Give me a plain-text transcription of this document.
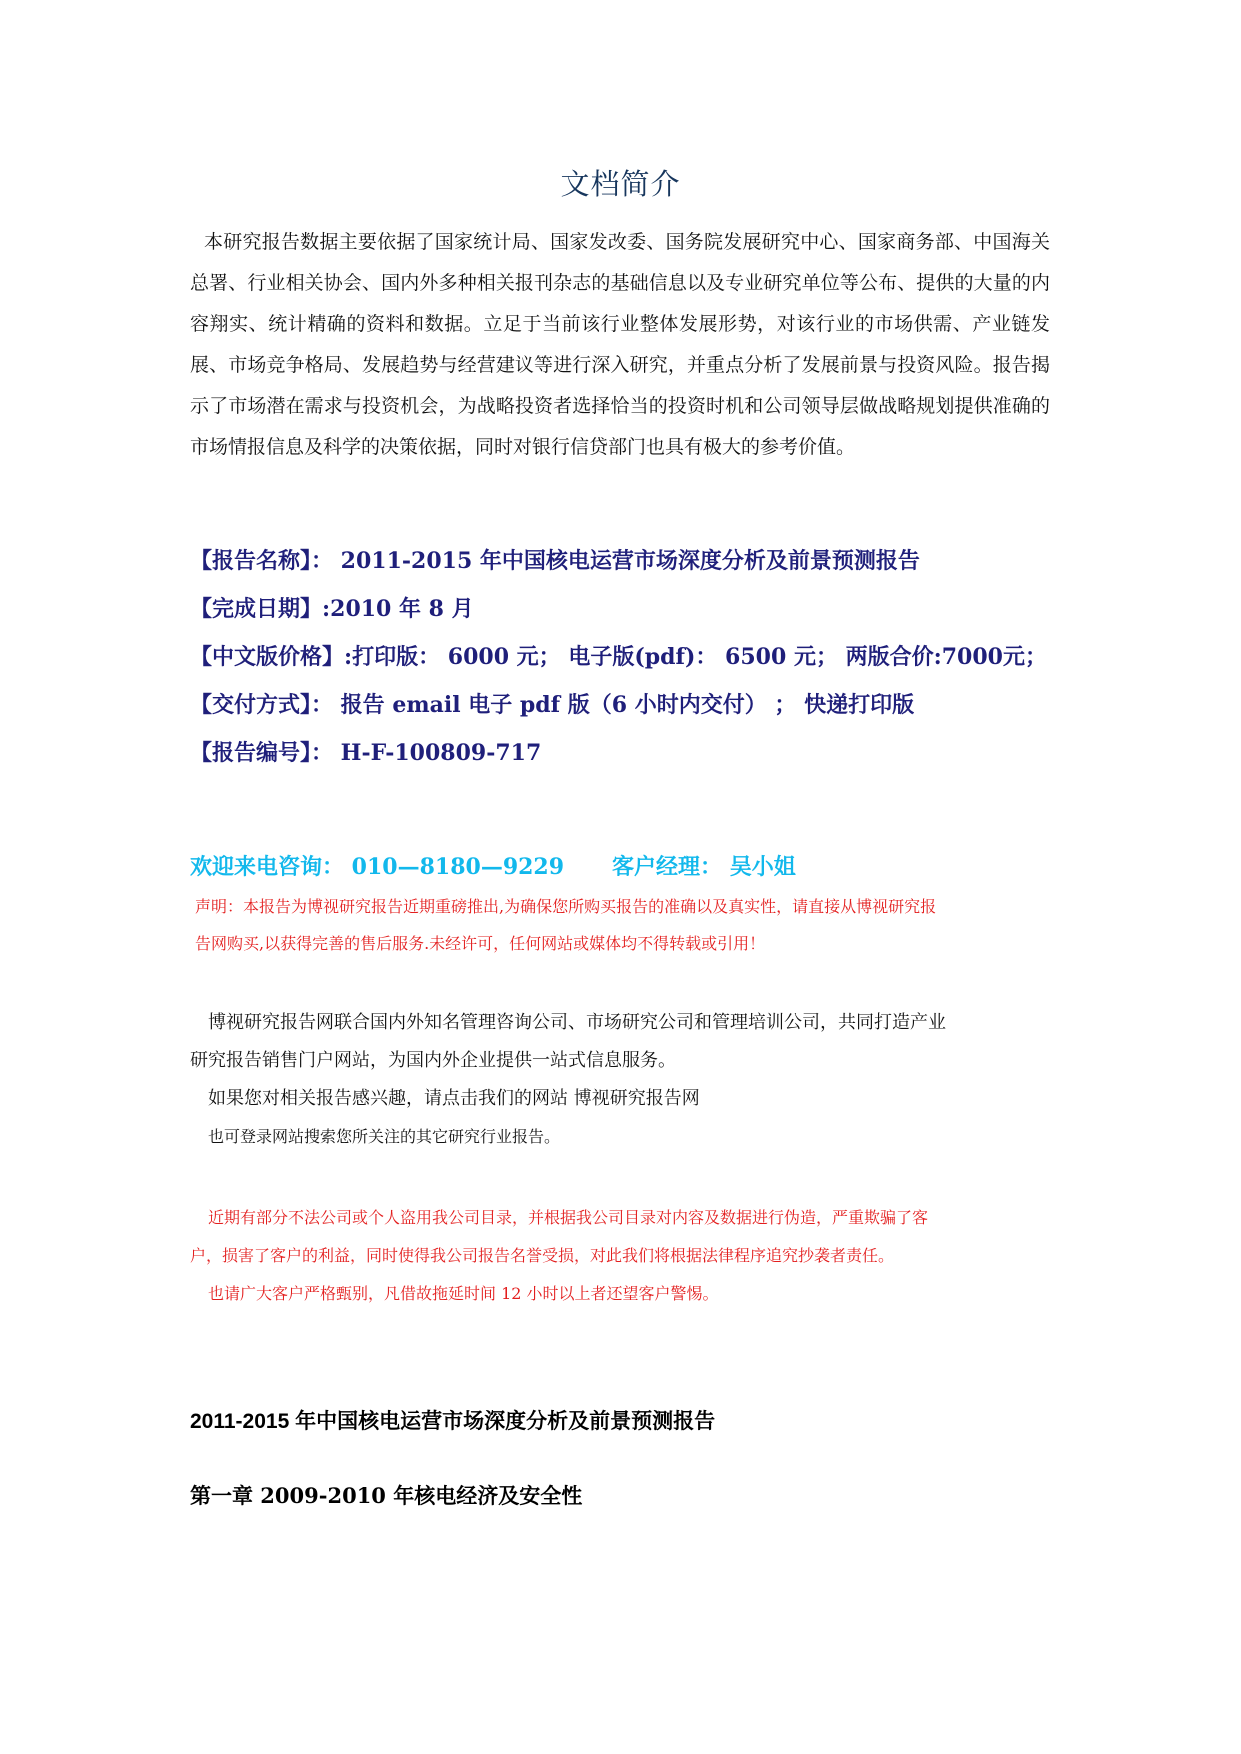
文档简介

本研究报告数据主要依据了国家统计局、国家发改委、国务院发展研究中心、国家商务部、中国海关总署、行业相关协会、国内外多种相关报刊杂志的基础信息以及专业研究单位等公布、提供的大量的内容翔实、统计精确的资料和数据。立足于当前该行业整体发展形势，对该行业的市场供需、产业链发展、市场竞争格局、发展趋势与经营建议等进行深入研究，并重点分析了发展前景与投资风险。报告揭示了市场潜在需求与投资机会，为战略投资者选择恰当的投资时机和公司领导层做战略规划提供准确的市场情报信息及科学的决策依据，同时对银行信贷部门也具有极大的参考价值。

【报告名称】： 2011-2015 年中国核电运营市场深度分析及前景预测报告
【完成日期】:2010 年 8 月
【中文版价格】:打印版： 6000 元； 电子版(pdf)： 6500 元； 两版合价:7000元；
【交付方式】： 报告 email 电子 pdf 版（6 小时内交付） ； 快递打印版
【报告编号】： H-F-100809-717
欢迎来电咨询： 010—8180—9229 客户经理： 吴小姐

声明：本报告为博视研究报告近期重磅推出,为确保您所购买报告的准确以及真实性，请直接从博视研究报

告网购买,以获得完善的售后服务.未经许可，任何网站或媒体均不得转载或引用！

博视研究报告网联合国内外知名管理咨询公司、市场研究公司和管理培训公司，共同打造产业

研究报告销售门户网站，为国内外企业提供一站式信息服务。

如果您对相关报告感兴趣，请点击我们的网站 博视研究报告网

也可登录网站搜索您所关注的其它研究行业报告。

近期有部分不法公司或个人盗用我公司目录，并根据我公司目录对内容及数据进行伪造，严重欺骗了客

户，损害了客户的利益，同时使得我公司报告名誉受损，对此我们将根据法律程序追究抄袭者责任。

也请广大客户严格甄别，凡借故拖延时间 12 小时以上者还望客户警惕。

2011-2015 年中国核电运营市场深度分析及前景预测报告
第一章 2009-2010 年核电经济及安全性
